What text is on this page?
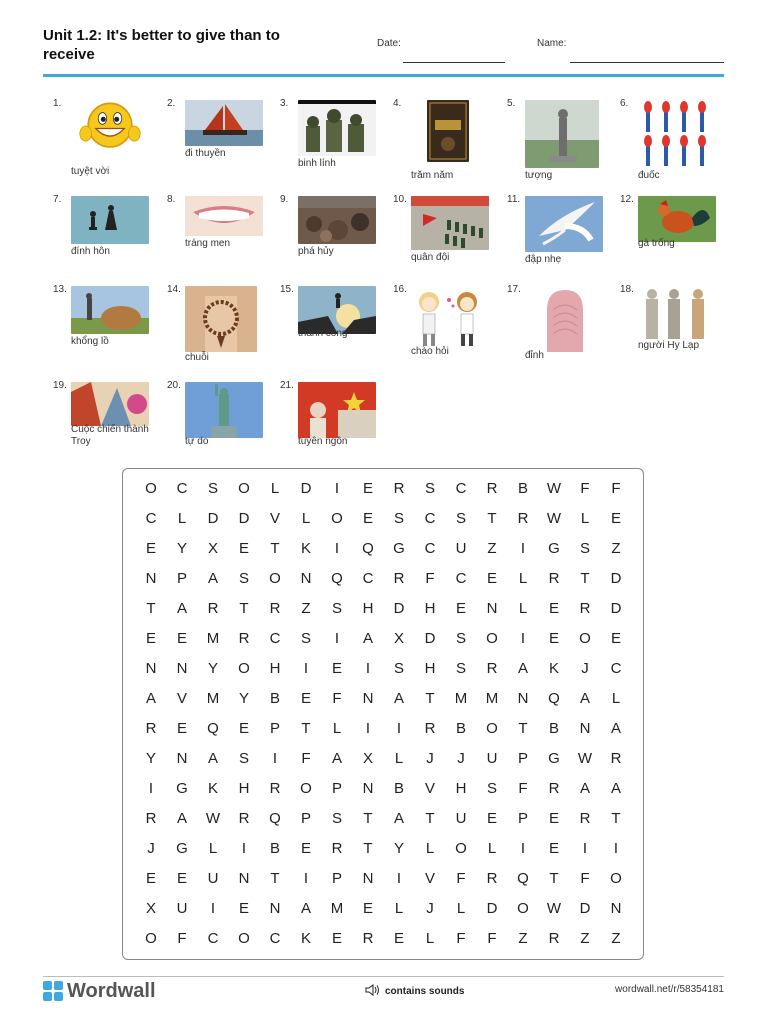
Unit 1.2: It's better to give than to receive
Date:	Name:
1.
tuyệt vời
2.
đi thuyền
3.
binh lính
4.
trăm năm
5.
tượng
6.
đuốc
7.
đính hôn
8.
tráng men
9.
phá hủy
10.
quân đội
11.
đập nhẹ
12.
gà trống
13.
khổng lồ
14.
chuỗi
15.
thành công
16.
chào hỏi
17.
đỉnh
18.
người Hy Lạp
19.
Cuộc chiến thành Troy
20.
tự do
21.
tuyên ngôn
O	C	S	O	L	D	I	E	R	S	C	R	B	W	F	F
C	L	D	D	V	L	O	E	S	C	S	T	R	W	L	E
E	Y	X	E	T	K	I	Q	G	C	U	Z	I	G	S	Z
N	P	A	S	O	N	Q	C	R	F	C	E	L	R	T	D
T	A	R	T	R	Z	S	H	D	H	E	N	L	E	R	D
E	E	M	R	C	S	I	A	X	D	S	O	I	E	O	E
N	N	Y	O	H	I	E	I	S	H	S	R	A	K	J	C
A	V	M	Y	B	E	F	N	A	T	M	M	N	Q	A	L
R	E	Q	E	P	T	L	I	I	R	B	O	T	B	N	A
Y	N	A	S	I	F	A	X	L	J	J	U	P	G	W	R
I	G	K	H	R	O	P	N	B	V	H	S	F	R	A	A
R	A	W	R	Q	P	S	T	A	T	U	E	P	E	R	T
J	G	L	I	B	E	R	T	Y	L	O	L	I	E	I	I
E	E	U	N	T	I	P	N	I	V	F	R	Q	T	F	O
X	U	I	E	N	A	M	E	L	J	L	D	O	W	D	N
O	F	C	O	C	K	E	R	E	L	F	F	Z	R	Z	Z
Wordwall	contains sounds	wordwall.net/r/58354181
